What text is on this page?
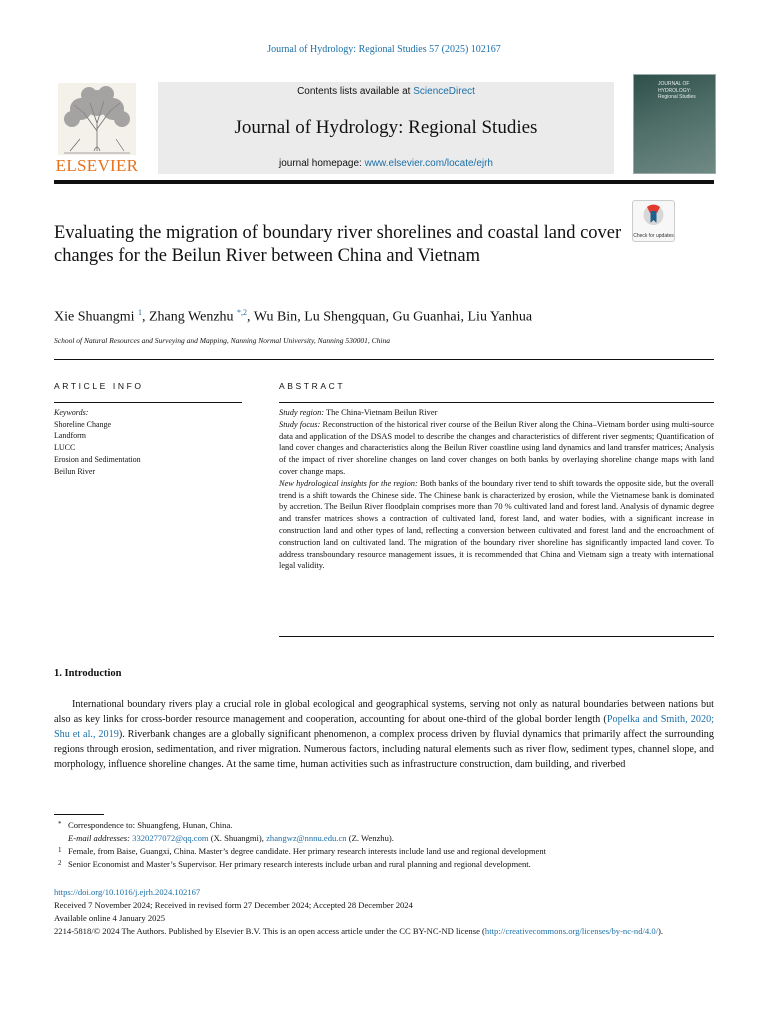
Journal of Hydrology: Regional Studies 57 (2025) 102167
ELSEVIER
Contents lists available at ScienceDirect
Journal of Hydrology: Regional Studies
journal homepage: www.elsevier.com/locate/ejrh
JOURNAL OF HYDROLOGY: Regional Studies
Check for updates
Evaluating the migration of boundary river shorelines and coastal land cover changes for the Beilun River between China and Vietnam
Xie Shuangmi $^1$, Zhang Wenzhu $^{*,2}$, Wu Bin, Lu Shengquan, Gu Guanhai, Liu Yanhua
School of Natural Resources and Surveying and Mapping, Nanning Normal University, Nanning 530001, China
ARTICLE INFO	ABSTRACT
Keywords:
Shoreline Change
Landform
LUCC
Erosion and Sedimentation
Beilun River

Study region: The China-Vietnam Beilun River

Study focus: Reconstruction of the historical river course of the Beilun River along the China–Vietnam border using multi-source data and application of the DSAS model to describe the changes and characteristics of different river segments; Quantification of land cover changes and characteristics along the Beilun River coastline using land dynamics and land transfer matrices; Analysis of the impact of river shoreline changes on land cover changes on both banks by overlaying shoreline change maps with land cover change maps.

New hydrological insights for the region: Both banks of the boundary river tend to shift towards the opposite side, but the overall trend is a shift towards the Chinese side. The Chinese bank is characterized by erosion, while the Vietnamese bank is dominated by accretion. The Beilun River floodplain comprises more than 70 % cultivated land and forest land. Analysis of dynamic degree and transfer matrices shows a contraction of cultivated land, forest land, and water bodies, with a significant increase in construction land and other types of land, reflecting a conversion between cultivated and forest land and the encroachment of construction land on cultivated land. The migration of the boundary river shoreline has significantly impacted land cover. To address transboundary resource management issues, it is recommended that China and Vietnam sign a treaty with international legal validity.

1. Introduction
International boundary rivers play a crucial role in global ecological and geographical systems, serving not only as natural boundaries between nations but also as key links for cross-border resource management and cooperation, accounting for about one-third of the global border length (Popelka and Smith, 2020; Shu et al., 2019). Riverbank changes are a globally significant phenomenon, a complex process driven by fluvial dynamics that primarily affect the surrounding regions through erosion, sedimentation, and river migration. Numerous factors, including natural elements such as river flow, sediment types, channel slope, and morphology, influence shoreline changes. At the same time, human activities such as infrastructure construction, dam building, and riverbed
* Correspondence to: Shuangfeng, Hunan, China.
E-mail addresses: 3320277072@qq.com (X. Shuangmi), zhangwz@nnnu.edu.cn (Z. Wenzhu).
1 Female, from Baise, Guangxi, China. Master’s degree candidate. Her primary research interests include land use and regional development
2 Senior Economist and Master’s Supervisor. Her primary research interests include urban and rural planning and regional development.
https://doi.org/10.1016/j.ejrh.2024.102167
Received 7 November 2024; Received in revised form 27 December 2024; Accepted 28 December 2024
Available online 4 January 2025
2214-5818/© 2024 The Authors. Published by Elsevier B.V. This is an open access article under the CC BY-NC-ND license (http://creativecommons.org/licenses/by-nc-nd/4.0/).
